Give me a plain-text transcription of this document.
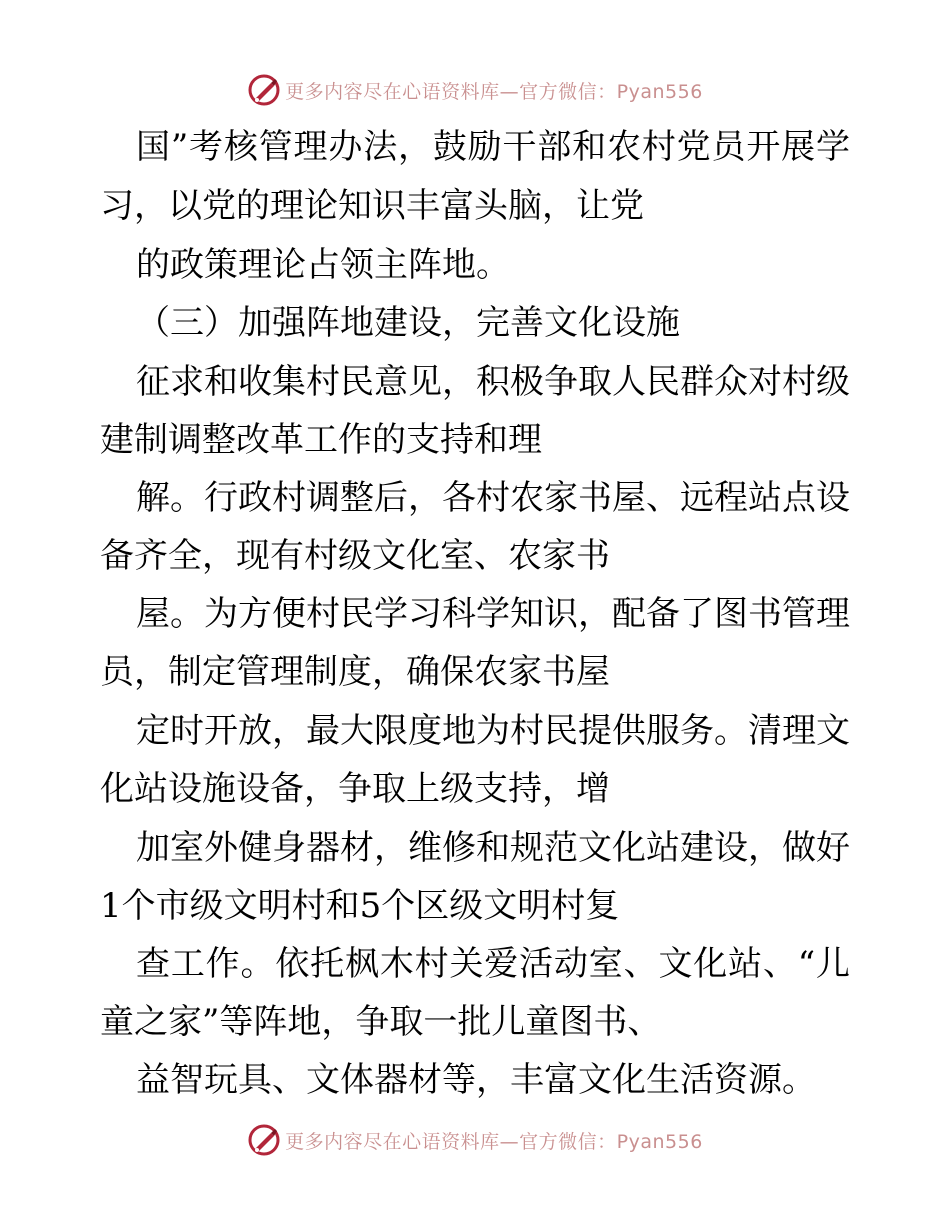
更多内容尽在心语资料库—官方微信：Pyan556
国”考核管理办法，鼓励干部和农村党员开展学
习，以党的理论知识丰富头脑，让党
的政策理论占领主阵地。
（三）加强阵地建设，完善文化设施
征求和收集村民意见，积极争取人民群众对村级
建制调整改革工作的支持和理
解。行政村调整后，各村农家书屋、远程站点设
备齐全，现有村级文化室、农家书
屋。为方便村民学习科学知识，配备了图书管理
员，制定管理制度，确保农家书屋
定时开放，最大限度地为村民提供服务。清理文
化站设施设备，争取上级支持，增
加室外健身器材，维修和规范文化站建设，做好
1个市级文明村和5个区级文明村复
查工作。依托枫木村关爱活动室、文化站、“儿
童之家”等阵地，争取一批儿童图书、
益智玩具、文体器材等，丰富文化生活资源。
更多内容尽在心语资料库—官方微信：Pyan556
